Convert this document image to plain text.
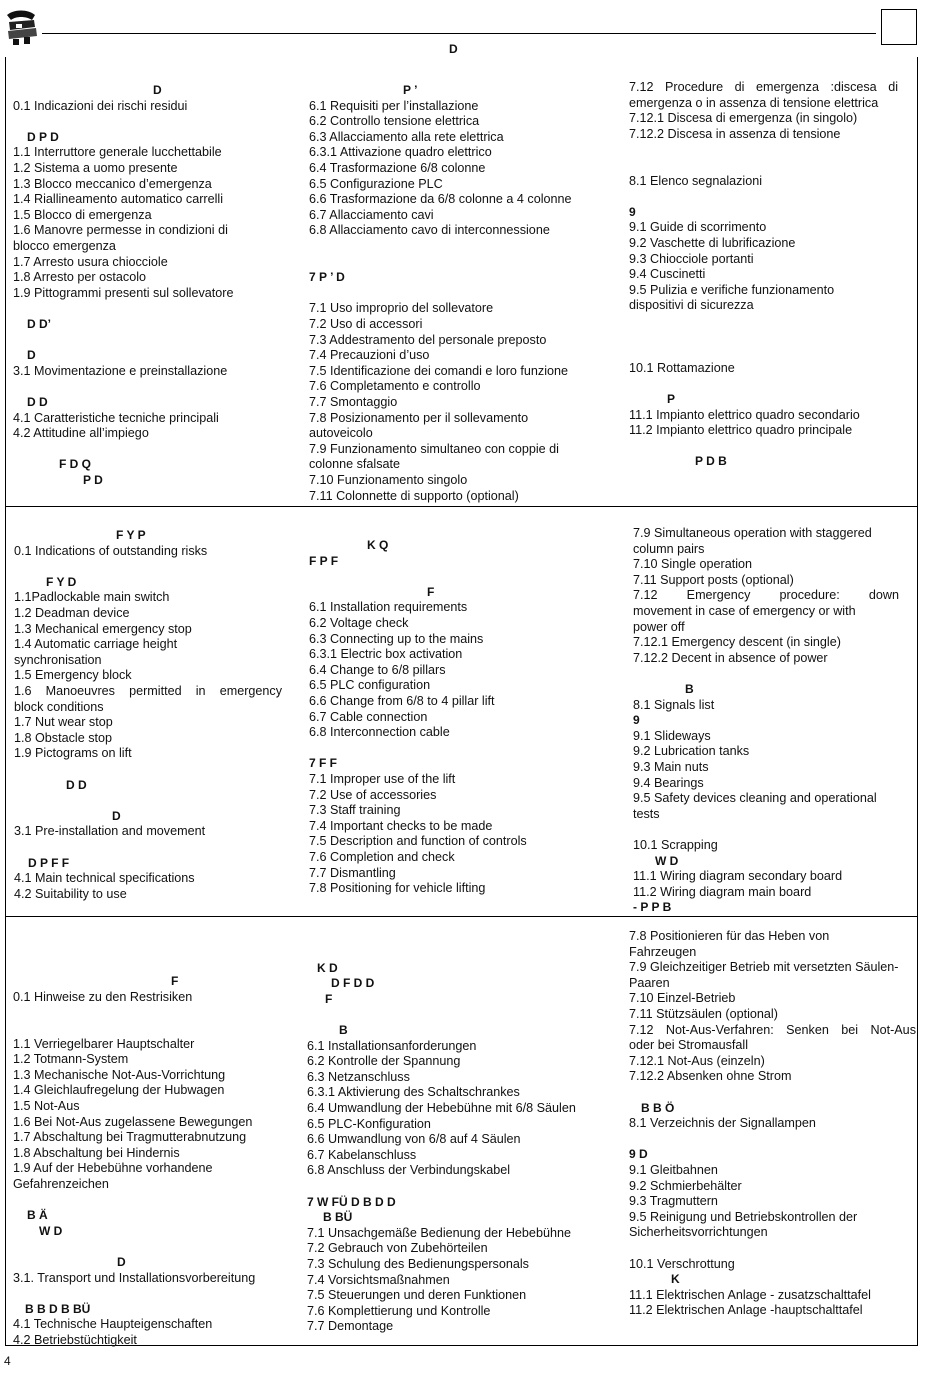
D
D
0.1 Indicazioni dei rischi residui
D P D
1.1 Interruttore generale lucchettabile
1.2 Sistema a uomo presente
1.3 Blocco meccanico d’emergenza
1.4 Riallineamento automatico carrelli
1.5 Blocco di emergenza
1.6 Manovre permesse in condizioni di
blocco emergenza
1.7 Arresto usura chiocciole
1.8 Arresto per ostacolo
1.9 Pittogrammi presenti sul sollevatore
D D’
D
3.1 Movimentazione e preinstallazione
D D
4.1 Caratteristiche tecniche principali
4.2 Attitudine all’impiego
F D Q
P D
P ’
6.1 Requisiti per l’installazione
6.2 Controllo tensione elettrica
6.3 Allacciamento alla rete elettrica
6.3.1 Attivazione quadro elettrico
6.4 Trasformazione 6/8 colonne
6.5 Configurazione PLC
6.6 Trasformazione da 6/8 colonne a 4 colonne
6.7 Allacciamento cavi
6.8 Allacciamento cavo di interconnessione
7 P ’ D
7.1 Uso improprio del sollevatore
7.2 Uso di accessori
7.3 Addestramento del personale preposto
7.4 Precauzioni d’uso
7.5 Identificazione dei comandi e loro funzione
7.6 Completamento e controllo
7.7 Smontaggio
7.8 Posizionamento per il sollevamento
autoveicolo
7.9 Funzionamento simultaneo con coppie di
colonne sfalsate
7.10 Funzionamento singolo
7.11 Colonnette di supporto (optional)
7.12 Procedure di emergenza :discesa di
emergenza o in assenza di tensione elettrica
7.12.1 Discesa di emergenza (in singolo)
7.12.2 Discesa in assenza di tensione
8.1 Elenco segnalazioni
9
9.1 Guide di scorrimento
9.2 Vaschette di lubrificazione
9.3 Chiocciole portanti
9.4 Cuscinetti
9.5 Pulizia e verifiche funzionamento
dispositivi di sicurezza
10.1 Rottamazione
P
11.1 Impianto elettrico quadro secondario
11.2 Impianto elettrico quadro principale
P D B
F Y P
0.1 Indications of outstanding risks
F Y D
1.1Padlockable main switch
1.2 Deadman device
1.3 Mechanical emergency stop
1.4 Automatic carriage height
synchronisation
1.5 Emergency block
1.6 Manoeuvres permitted in emergency
block conditions
1.7 Nut wear stop
1.8 Obstacle stop
1.9 Pictograms on lift
D D
D
3.1 Pre-installation and movement
D P F F
4.1 Main technical specifications
4.2 Suitability to use
K Q
F P F
F
6.1 Installation requirements
6.2 Voltage check
6.3 Connecting up to the mains
6.3.1 Electric box activation
6.4 Change to 6/8 pillars
6.5 PLC configuration
6.6 Change from 6/8 to 4 pillar lift
6.7 Cable connection
6.8 Interconnection cable
7 F F
7.1 Improper use of the lift
7.2 Use of accessories
7.3 Staff training
7.4 Important checks to be made
7.5 Description and function of controls
7.6 Completion and check
7.7 Dismantling
7.8 Positioning for vehicle lifting
7.9 Simultaneous operation with staggered
column pairs
7.10 Single operation
7.11 Support posts (optional)
7.12 Emergency procedure: down
movement in case of emergency or with
power off
7.12.1 Emergency descent (in single)
7.12.2 Decent in absence of power
B
8.1 Signals list
9
9.1 Slideways
9.2 Lubrication tanks
9.3 Main nuts
9.4 Bearings
9.5 Safety devices cleaning and operational
tests
10.1 Scrapping
W D
11.1 Wiring diagram secondary board
11.2 Wiring diagram main board
- P P B
F
0.1 Hinweise zu den Restrisiken
1.1 Verriegelbarer Hauptschalter
1.2 Totmann-System
1.3 Mechanische Not-Aus-Vorrichtung
1.4 Gleichlaufregelung der Hubwagen
1.5 Not-Aus
1.6 Bei Not-Aus zugelassene Bewegungen
1.7 Abschaltung bei Tragmutterabnutzung
1.8 Abschaltung bei Hindernis
1.9 Auf der Hebebühne vorhandene
Gefahrenzeichen
B Ä
W D
D
3.1. Transport und Installationsvorbereitung
B B D B BÜ
4.1 Technische Haupteigenschaften
4.2 Betriebstüchtigkeit
K D
D F D D
F
B
6.1 Installationsanforderungen
6.2 Kontrolle der Spannung
6.3 Netzanschluss
6.3.1 Aktivierung des Schaltschrankes
6.4 Umwandlung der Hebebühne mit 6/8 Säulen
6.5 PLC-Konfiguration
6.6 Umwandlung von 6/8 auf 4 Säulen
6.7 Kabelanschluss
6.8 Anschluss der Verbindungskabel
7 W FÜ D B D D
B BÜ
7.1 Unsachgemäße Bedienung der Hebebühne
7.2 Gebrauch von Zubehörteilen
7.3 Schulung des Bedienungspersonals
7.4 Vorsichtsmaßnahmen
7.5 Steuerungen und deren Funktionen
7.6 Komplettierung und Kontrolle
7.7 Demontage
7.8 Positionieren für das Heben von
Fahrzeugen
7.9 Gleichzeitiger Betrieb mit versetzten Säulen-
Paaren
7.10 Einzel-Betrieb
7.11 Stützsäulen (optional)
7.12 Not-Aus-Verfahren: Senken bei Not-Aus
oder bei Stromausfall
7.12.1 Not-Aus (einzeln)
7.12.2 Absenken ohne Strom
B B Ö
8.1 Verzeichnis der Signallampen
9 D
9.1 Gleitbahnen
9.2 Schmierbehälter
9.3 Tragmuttern
9.5 Reinigung und Betriebskontrollen der
Sicherheitsvorrichtungen
10.1 Verschrottung
K
11.1 Elektrischen Anlage - zusatzschalttafel
11.2 Elektrischen Anlage -hauptschalttafel
4
